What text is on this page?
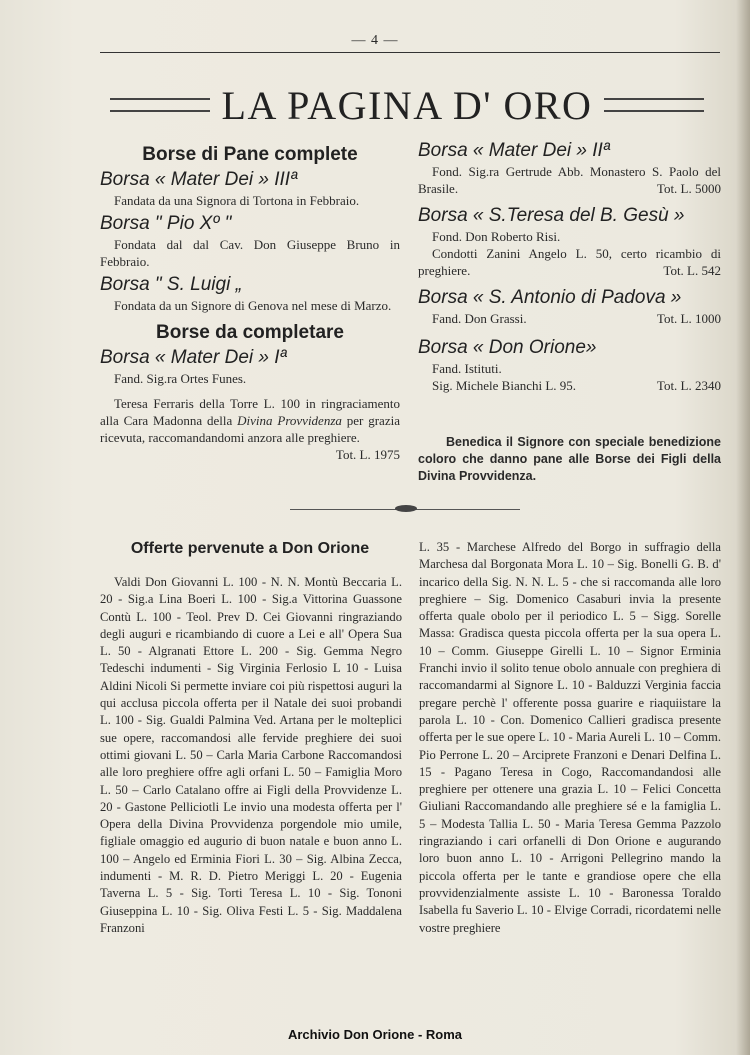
— 4 —
LA PAGINA D' ORO
Borse di Pane complete
Borsa « Mater Dei » IIIª

Fandata da una Signora di Tortona in Febbraio.

Borsa " Pio Xº "

Fondata dal dal Cav. Don Giuseppe Bruno in Febbraio.

Borsa " S. Luigi „

Fondata da un Signore di Genova nel mese di Marzo.

Borse da completare
Borsa « Mater Dei » Iª

Fand. Sig.ra Ortes Funes.

Teresa Ferraris della Torre L. 100 in ringraciamento alla Cara Madonna della Divina Provvidenza per grazia ricevuta, raccomandandomi anzora alle preghiere.
Tot. L. 1975

Borsa « Mater Dei » IIª

Fond. Sig.ra Gertrude Abb. Monastero S. Paolo del Brasile.	Tot. L. 5000

Borsa « S.Teresa del B. Gesù »

Fond. Don Roberto Risi.

Condotti Zanini Angelo L. 50, certo ricambio di preghiere.	Tot. L. 542

Borsa « S. Antonio di Padova »
Fand. Don Grassi.	Tot. L. 1000
Borsa « Don Orione»

Fand. Istituti.

Sig. Michele Bianchi L. 95.	Tot. L. 2340
Benedica il Signore con speciale benedizione coloro che danno pane alle Borse dei Figli della Divina Provvidenza.
Offerte pervenute a Don Orione

Valdi Don Giovanni L. 100 - N. N. Montù Beccaria L. 20 - Sig.a Lina Boeri L. 100 - Sig.a Vittorina Guassone Contù L. 100 - Teol. Prev D. Cei Giovanni ringraziando degli auguri e ricambiando di cuore a Lei e all' Opera Sua L. 50 - Algranati Ettore L. 200 - Sig. Gemma Negro Tedeschi indumenti - Sig Virginia Ferlosio L 10 - Luisa Aldini Nicoli Si permette inviare coi più rispettosi auguri la qui acclusa piccola offerta per il Natale dei suoi probandi L. 100 - Sig. Gualdi Palmina Ved. Artana per le molteplici sue opere, raccomandosi alle fervide preghiere dei suoi ottimi giovani L. 50 – Carla Maria Carbone Raccomandosi alle loro preghiere offre agli orfani L. 50 – Famiglia Moro L. 50 – Carlo Catalano offre ai Figli della Provvidenze L. 20 - Gastone Pelliciotli Le invio una modesta offerta per l' Opera della Divina Provvidenza porgendole mio umile, figliale omaggio ed augurio di buon natale e buon anno L. 100 – Angelo ed Erminia Fiori L. 30 – Sig. Albina Zecca, indumenti - M. R. D. Pietro Meriggi L. 20 - Eugenia Taverna L. 5 - Sig. Torti Teresa L. 10 - Sig. Tononi Giuseppina L. 10 - Sig. Oliva Festi L. 5 - Sig. Maddalena Franzoni

L. 35 - Marchese Alfredo del Borgo in suffragio della Marchesa dal Borgonata Mora L. 10 – Sig. Bonelli G. B. d' incarico della Sig. N. N. L. 5 - che si raccomanda alle loro preghiere – Sig. Domenico Casaburi invia la presente offerta quale obolo per il periodico L. 5 – Sigg. Sorelle Massa: Gradisca questa piccola offerta per la sua opera L. 10 – Comm. Giuseppe Girelli L. 10 – Signor Erminia Franchi invio il solito tenue obolo annuale con preghiera di raccomandarmi al Signore L. 10 - Balduzzi Verginia faccia pregare perchè l' offerente possa guarire e riaquiistare la parola L. 10 - Con. Domenico Callieri gradisca presente offerta per le sue opere L. 10 - Maria Aureli L. 10 – Comm. Pio Perrone L. 20 – Arciprete Franzoni e Denari Delfina L. 15 - Pagano Teresa in Cogo, Raccomandandosi alle preghiere per ottenere una grazia L. 10 – Felici Concetta Giuliani Raccomandando alle preghiere sé e la famiglia L. 5 – Modesta Tallia L. 50 - Maria Teresa Gemma Pazzolo ringraziando i cari orfanelli di Don Orione e augurando loro buon anno L. 10 - Arrigoni Pellegrino mando la piccola offerta per le tante e grandiose opere che ella provvidenzialmente assiste L. 10 - Baronessa Toraldo Isabella fu Saverio L. 10 - Elvige Corradi, ricordatemi nelle vostre preghiere

Archivio Don Orione - Roma
